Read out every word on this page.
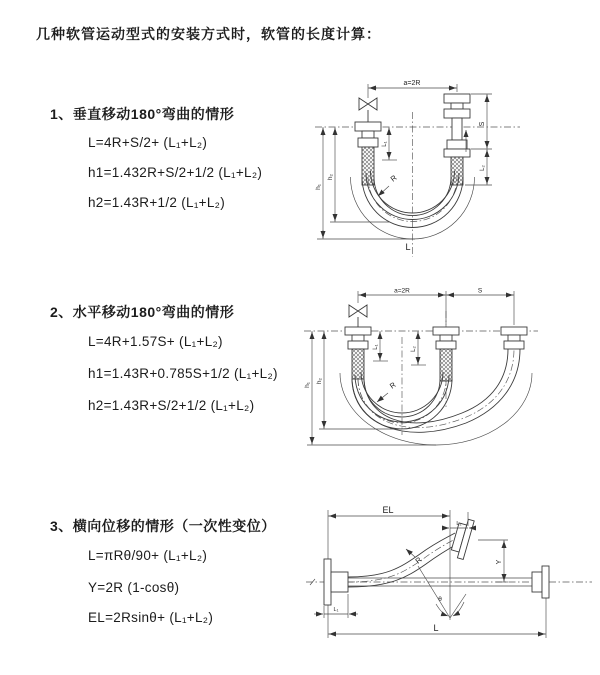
几种软管运动型式的安装方式时，软管的长度计算：
1、垂直移动180°弯曲的情形
L=4R+S/2+ (L₁+L₂)
h1=1.432R+S/2+1/2 (L₁+L₂)
h2=1.43R+1/2 (L₁+L₂)
2、水平移动180°弯曲的情形
L=4R+1.57S+ (L₁+L₂)
h1=1.43R+0.785S+1/2 (L₁+L₂)
h2=1.43R+S/2+1/2 (L₁+L₂)
3、横向位移的情形（一次性变位）
L=πRθ/90+ (L₁+L₂)
Y=2R (1-cosθ)
EL=2Rsinθ+ (L₁+L₂)
a=2R
h₁
h₂
L₁
S
L₂
R
L
a=2R	S
h₁
h₂
L₁	L₂
R
θ
R
EL
L₂
Y
L₁
L
